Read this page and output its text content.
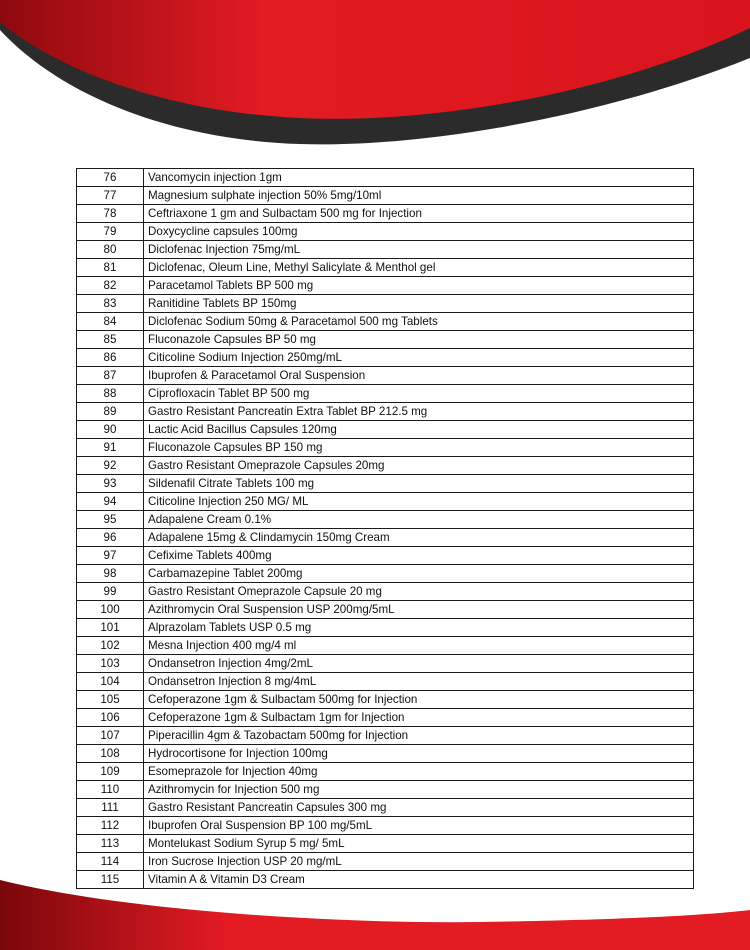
76	Vancomycin injection 1gm
77	Magnesium sulphate injection 50% 5mg/10ml
78	Ceftriaxone 1 gm and Sulbactam 500 mg for Injection
79	Doxycycline capsules 100mg
80	Diclofenac Injection 75mg/mL
81	Diclofenac, Oleum Line, Methyl Salicylate & Menthol gel
82	Paracetamol Tablets BP 500 mg
83	Ranitidine Tablets BP 150mg
84	Diclofenac Sodium 50mg & Paracetamol 500 mg Tablets
85	Fluconazole Capsules BP 50 mg
86	Citicoline Sodium Injection 250mg/mL
87	Ibuprofen & Paracetamol Oral Suspension
88	Ciprofloxacin Tablet BP 500 mg
89	Gastro Resistant Pancreatin Extra Tablet BP 212.5 mg
90	Lactic Acid Bacillus Capsules 120mg
91	Fluconazole Capsules BP 150 mg
92	Gastro Resistant Omeprazole Capsules 20mg
93	Sildenafil Citrate Tablets 100 mg
94	Citicoline Injection 250 MG/ ML
95	Adapalene Cream 0.1%
96	Adapalene 15mg & Clindamycin 150mg Cream
97	Cefixime Tablets 400mg
98	Carbamazepine Tablet 200mg
99	Gastro Resistant Omeprazole Capsule 20 mg
100	Azithromycin Oral Suspension USP 200mg/5mL
101	Alprazolam Tablets USP 0.5 mg
102	Mesna Injection 400 mg/4 ml
103	Ondansetron Injection 4mg/2mL
104	Ondansetron Injection 8 mg/4mL
105	Cefoperazone 1gm & Sulbactam 500mg for Injection
106	Cefoperazone 1gm & Sulbactam 1gm for Injection
107	Piperacillin 4gm & Tazobactam 500mg for Injection
108	Hydrocortisone for Injection 100mg
109	Esomeprazole for Injection 40mg
110	Azithromycin for Injection 500 mg
111	Gastro Resistant Pancreatin Capsules 300 mg
112	Ibuprofen Oral Suspension BP 100 mg/5mL
113	Montelukast Sodium Syrup 5 mg/ 5mL
114	Iron Sucrose Injection USP 20 mg/mL
115	Vitamin A & Vitamin D3 Cream
